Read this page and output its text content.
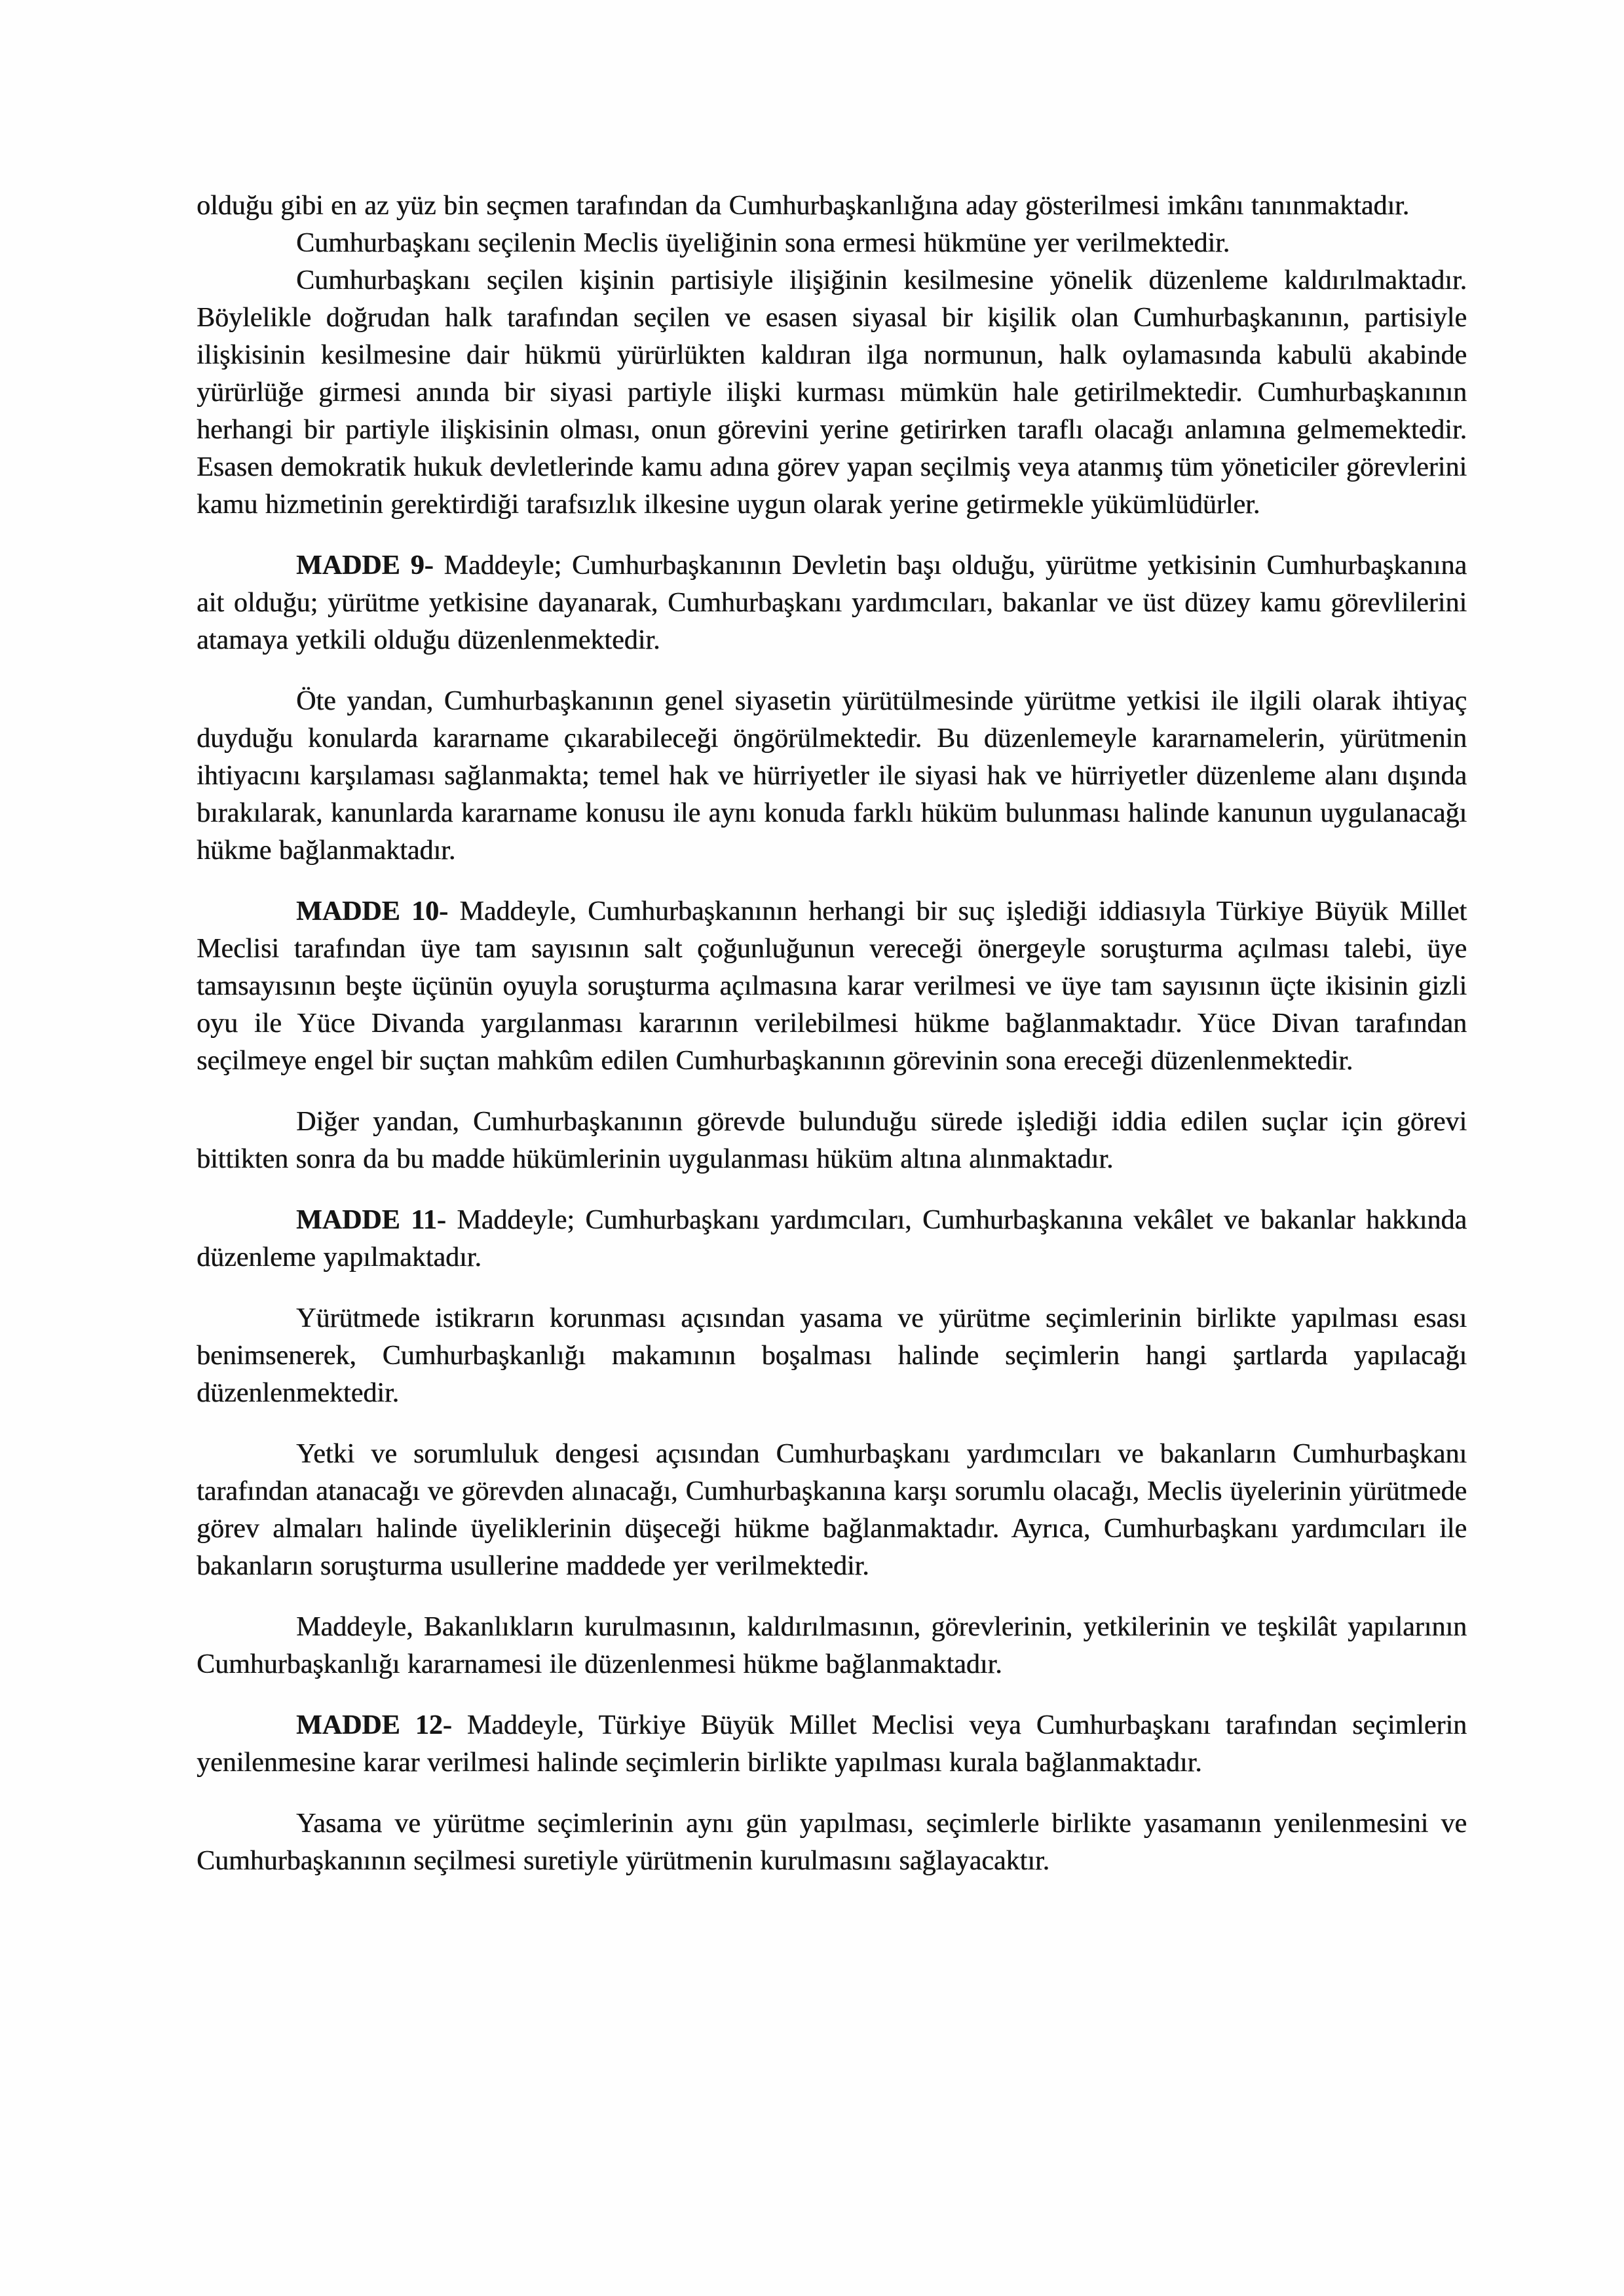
olduğu gibi en az yüz bin seçmen tarafından da Cumhurbaşkanlığına aday gösterilmesi imkânı tanınmaktadır.

Cumhurbaşkanı seçilenin Meclis üyeliğinin sona ermesi hükmüne yer verilmektedir.

Cumhurbaşkanı seçilen kişinin partisiyle ilişiğinin kesilmesine yönelik düzenleme kaldırılmaktadır. Böylelikle doğrudan halk tarafından seçilen ve esasen siyasal bir kişilik olan Cumhurbaşkanının, partisiyle ilişkisinin kesilmesine dair hükmü yürürlükten kaldıran ilga normunun, halk oylamasında kabulü akabinde yürürlüğe girmesi anında bir siyasi partiyle ilişki kurması mümkün hale getirilmektedir. Cumhurbaşkanının herhangi bir partiyle ilişkisinin olması, onun görevini yerine getirirken taraflı olacağı anlamına gelmemektedir. Esasen demokratik hukuk devletlerinde kamu adına görev yapan seçilmiş veya atanmış tüm yöneticiler görevlerini kamu hizmetinin gerektirdiği tarafsızlık ilkesine uygun olarak yerine getirmekle yükümlüdürler.

MADDE 9- Maddeyle; Cumhurbaşkanının Devletin başı olduğu, yürütme yetkisinin Cumhurbaşkanına ait olduğu; yürütme yetkisine dayanarak, Cumhurbaşkanı yardımcıları, bakanlar ve üst düzey kamu görevlilerini atamaya yetkili olduğu düzenlenmektedir.

Öte yandan, Cumhurbaşkanının genel siyasetin yürütülmesinde yürütme yetkisi ile ilgili olarak ihtiyaç duyduğu konularda kararname çıkarabileceği öngörülmektedir. Bu düzenlemeyle kararnamelerin, yürütmenin ihtiyacını karşılaması sağlanmakta; temel hak ve hürriyetler ile siyasi hak ve hürriyetler düzenleme alanı dışında bırakılarak, kanunlarda kararname konusu ile aynı konuda farklı hüküm bulunması halinde kanunun uygulanacağı hükme bağlanmaktadır.

MADDE 10- Maddeyle, Cumhurbaşkanının herhangi bir suç işlediği iddiasıyla Türkiye Büyük Millet Meclisi tarafından üye tam sayısının salt çoğunluğunun vereceği önergeyle soruşturma açılması talebi, üye tamsayısının beşte üçünün oyuyla soruşturma açılmasına karar verilmesi ve üye tam sayısının üçte ikisinin gizli oyu ile Yüce Divanda yargılanması kararının verilebilmesi hükme bağlanmaktadır. Yüce Divan tarafından seçilmeye engel bir suçtan mahkûm edilen Cumhurbaşkanının görevinin sona ereceği düzenlenmektedir.

Diğer yandan, Cumhurbaşkanının görevde bulunduğu sürede işlediği iddia edilen suçlar için görevi bittikten sonra da bu madde hükümlerinin uygulanması hüküm altına alınmaktadır.

MADDE 11- Maddeyle; Cumhurbaşkanı yardımcıları, Cumhurbaşkanına vekâlet ve bakanlar hakkında düzenleme yapılmaktadır.

Yürütmede istikrarın korunması açısından yasama ve yürütme seçimlerinin birlikte yapılması esası benimsenerek, Cumhurbaşkanlığı makamının boşalması halinde seçimlerin hangi şartlarda yapılacağı düzenlenmektedir.

Yetki ve sorumluluk dengesi açısından Cumhurbaşkanı yardımcıları ve bakanların Cumhurbaşkanı tarafından atanacağı ve görevden alınacağı, Cumhurbaşkanına karşı sorumlu olacağı, Meclis üyelerinin yürütmede görev almaları halinde üyeliklerinin düşeceği hükme bağlanmaktadır. Ayrıca, Cumhurbaşkanı yardımcıları ile bakanların soruşturma usullerine maddede yer verilmektedir.

Maddeyle, Bakanlıkların kurulmasının, kaldırılmasının, görevlerinin, yetkilerinin ve teşkilât yapılarının Cumhurbaşkanlığı kararnamesi ile düzenlenmesi hükme bağlanmaktadır.

MADDE 12- Maddeyle, Türkiye Büyük Millet Meclisi veya Cumhurbaşkanı tarafından seçimlerin yenilenmesine karar verilmesi halinde seçimlerin birlikte yapılması kurala bağlanmaktadır.

Yasama ve yürütme seçimlerinin aynı gün yapılması, seçimlerle birlikte yasamanın yenilenmesini ve Cumhurbaşkanının seçilmesi suretiyle yürütmenin kurulmasını sağlayacaktır.
